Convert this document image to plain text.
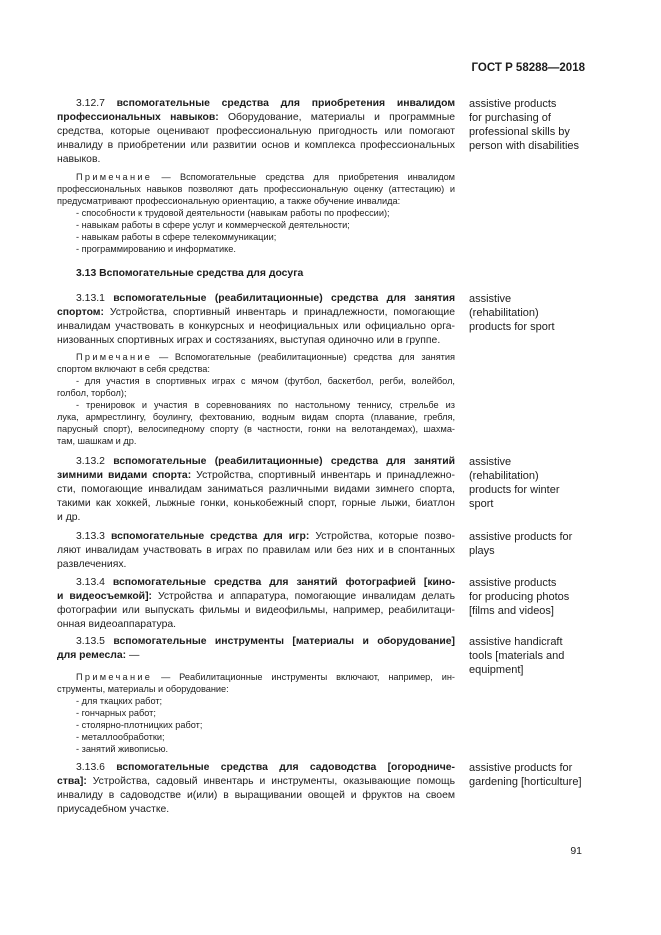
ГОСТ Р 58288—2018
3.12.7 вспомогательные средства для приобретения инвалидом
профессиональных навыков: Оборудование, материалы и программные
средства, которые оценивают профессиональную пригодность или помогают
инвалиду в приобретении или развитии основ и комплекса профессиональных
навыков.
assistive products
for purchasing of
professional skills by
person with disabilities
Примечание — Вспомогательные средства для приобретения инвалидом
профессиональных навыков позволяют дать профессиональную оценку (аттестацию) и
предусматривают профессиональную ориентацию, а также обучение инвалида:
- способности к трудовой деятельности (навыкам работы по профессии);
- навыкам работы в сфере услуг и коммерческой деятельности;
- навыкам работы в сфере телекоммуникации;
- программированию и информатике.
3.13 Вспомогательные средства для досуга
3.13.1 вспомогательные (реабилитационные) средства для занятия
спортом: Устройства, спортивный инвентарь и принадлежности, помогающие
инвалидам участвовать в конкурсных и неофициальных или официально орга-
низованных спортивных играх и состязаниях, выступая одиночно или в группе.
assistive
(rehabilitation)
products for sport
Примечание — Вспомогательные (реабилитационные) средства для занятия
спортом включают в себя средства:
- для участия в спортивных играх с мячом (футбол, баскетбол, регби, волейбол,
голбол, торбол);
- тренировок и участия в соревнованиях по настольному теннису, стрельбе из
лука, армрестлингу, боулингу, фехтованию, водным видам спорта (плавание, гребля,
парусный спорт), велосипедному спорту (в частности, гонки на велотандемах), шахма-
там, шашкам и др.
3.13.2 вспомогательные (реабилитационные) средства для занятий
зимними видами спорта: Устройства, спортивный инвентарь и принадлежно-
сти, помогающие инвалидам заниматься различными видами зимнего спорта,
такими как хоккей, лыжные гонки, конькобежный спорт, горные лыжи, биатлон
и др.
assistive
(rehabilitation)
products for winter
sport
3.13.3 вспомогательные средства для игр: Устройства, которые позво-
ляют инвалидам участвовать в играх по правилам или без них и в спонтанных
развлечениях.
assistive products for
plays
3.13.4 вспомогательные средства для занятий фотографией [кино-
и видеосъемкой]: Устройства и аппаратура, помогающие инвалидам делать
фотографии или выпускать фильмы и видеофильмы, например, реабилитаци-
онная видеоаппаратура.
assistive products
for producing photos
[films and videos]
3.13.5 вспомогательные инструменты [материалы и оборудование]
для ремесла: —
assistive handicraft
tools [materials and
equipment]
Примечание — Реабилитационные инструменты включают, например, ин-
струменты, материалы и оборудование:
- для ткацких работ;
- гончарных работ;
- столярно-плотницких работ;
- металлообработки;
- занятий живописью.
3.13.6 вспомогательные средства для садоводства [огородниче-
ства]: Устройства, садовый инвентарь и инструменты, оказывающие помощь
инвалиду в садоводстве и(или) в выращивании овощей и фруктов на своем
приусадебном участке.
assistive products for
gardening [horticulture]
91
